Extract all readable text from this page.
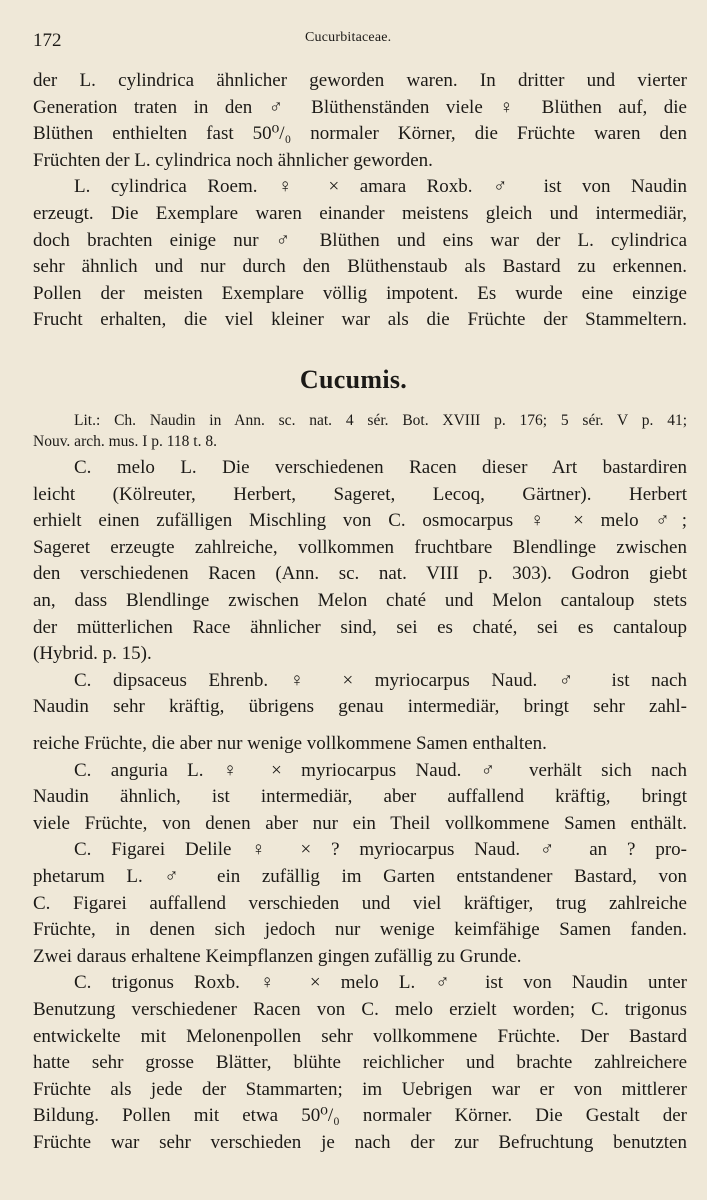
172	Cucurbitaceae.
der L. cylindrica ähnlicher geworden waren. In dritter und vierter
Generation traten in den ♂ Blüthenständen viele ♀ Blüthen auf, die
Blüthen enthielten fast 50⁰/₀ normaler Körner, die Früchte waren den
Früchten der L. cylindrica noch ähnlicher geworden.
L. cylindrica Roem. ♀ × amara Roxb. ♂ ist von Naudin
erzeugt. Die Exemplare waren einander meistens gleich und intermediär,
doch brachten einige nur ♂ Blüthen und eins war der L. cylindrica
sehr ähnlich und nur durch den Blüthenstaub als Bastard zu erkennen.
Pollen der meisten Exemplare völlig impotent. Es wurde eine einzige
Frucht erhalten, die viel kleiner war als die Früchte der Stammeltern.
Cucumis.
Lit.: Ch. Naudin in Ann. sc. nat. 4 sér. Bot. XVIII p. 176; 5 sér. V p. 41;
Nouv. arch. mus. I p. 118 t. 8.
C. melo L. Die verschiedenen Racen dieser Art bastardiren
leicht (Kölreuter, Herbert, Sageret, Lecoq, Gärtner). Herbert
erhielt einen zufälligen Mischling von C. osmocarpus ♀ × melo ♂;
Sageret erzeugte zahlreiche, vollkommen fruchtbare Blendlinge zwischen
den verschiedenen Racen (Ann. sc. nat. VIII p. 303). Godron giebt
an, dass Blendlinge zwischen Melon chaté und Melon cantaloup stets
der mütterlichen Race ähnlicher sind, sei es chaté, sei es cantaloup
(Hybrid. p. 15).
C. dipsaceus Ehrenb. ♀ × myriocarpus Naud. ♂ ist nach
Naudin sehr kräftig, übrigens genau intermediär, bringt sehr zahl-
reiche Früchte, die aber nur wenige vollkommene Samen enthalten.
C. anguria L. ♀ × myriocarpus Naud. ♂ verhält sich nach
Naudin ähnlich, ist intermediär, aber auffallend kräftig, bringt
viele Früchte, von denen aber nur ein Theil vollkommene Samen enthält.
C. Figarei Delile ♀ × ? myriocarpus Naud. ♂ an ? pro-
phetarum L. ♂ ein zufällig im Garten entstandener Bastard, von
C. Figarei auffallend verschieden und viel kräftiger, trug zahlreiche
Früchte, in denen sich jedoch nur wenige keimfähige Samen fanden.
Zwei daraus erhaltene Keimpflanzen gingen zufällig zu Grunde.
C. trigonus Roxb. ♀ × melo L. ♂ ist von Naudin unter
Benutzung verschiedener Racen von C. melo erzielt worden; C. trigonus
entwickelte mit Melonenpollen sehr vollkommene Früchte. Der Bastard
hatte sehr grosse Blätter, blühte reichlicher und brachte zahlreichere
Früchte als jede der Stammarten; im Uebrigen war er von mittlerer
Bildung. Pollen mit etwa 50⁰/₀ normaler Körner. Die Gestalt der
Früchte war sehr verschieden je nach der zur Befruchtung benutzten
